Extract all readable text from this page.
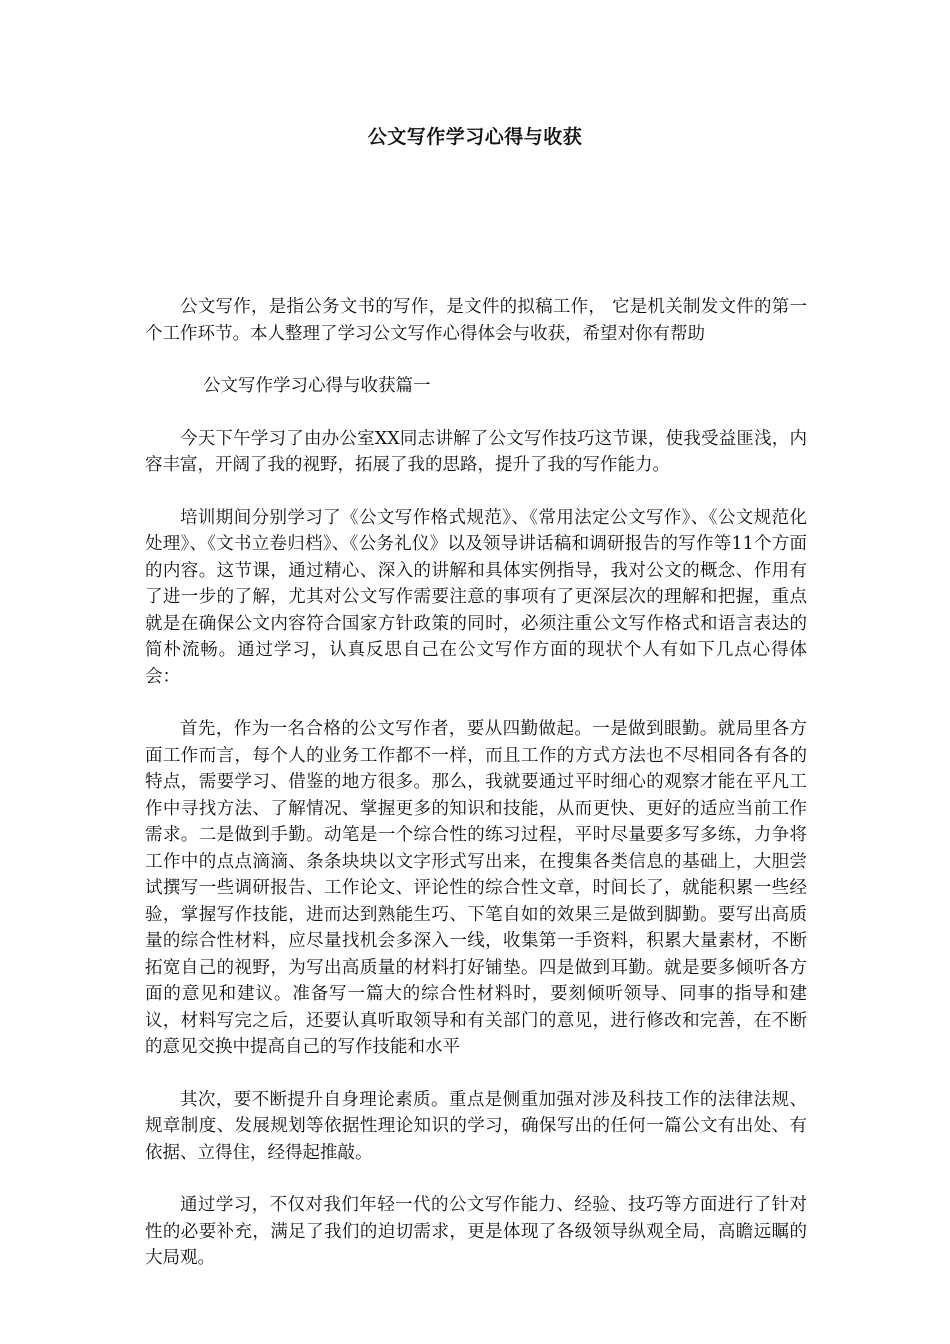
公文写作学习心得与收获

公文写作，是指公务文书的写作，是文件的拟稿工作， 它是机关制发文件的第一个工作环节。本人整理了学习公文写作心得体会与收获，希望对你有帮助

公文写作学习心得与收获篇一

今天下午学习了由办公室XX同志讲解了公文写作技巧这节课，使我受益匪浅，内容丰富，开阔了我的视野，拓展了我的思路，提升了我的写作能力。

培训期间分别学习了《公文写作格式规范》、《常用法定公文写作》、《公文规范化处理》、《文书立卷归档》、《公务礼仪》以及领导讲话稿和调研报告的写作等11个方面的内容。这节课，通过精心、深入的讲解和具体实例指导，我对公文的概念、作用有了进一步的了解，尤其对公文写作需要注意的事项有了更深层次的理解和把握，重点就是在确保公文内容符合国家方针政策的同时，必须注重公文写作格式和语言表达的简朴流畅。通过学习，认真反思自己在公文写作方面的现状个人有如下几点心得体会：

首先，作为一名合格的公文写作者，要从四勤做起。一是做到眼勤。就局里各方面工作而言，每个人的业务工作都不一样，而且工作的方式方法也不尽相同各有各的特点，需要学习、借鉴的地方很多。那么，我就要通过平时细心的观察才能在平凡工作中寻找方法、了解情况、掌握更多的知识和技能，从而更快、更好的适应当前工作需求。二是做到手勤。动笔是一个综合性的练习过程，平时尽量要多写多练，力争将工作中的点点滴滴、条条块块以文字形式写出来，在搜集各类信息的基础上，大胆尝试撰写一些调研报告、工作论文、评论性的综合性文章，时间长了，就能积累一些经验，掌握写作技能，进而达到熟能生巧、下笔自如的效果三是做到脚勤。要写出高质量的综合性材料，应尽量找机会多深入一线，收集第一手资料，积累大量素材，不断拓宽自己的视野，为写出高质量的材料打好铺垫。四是做到耳勤。就是要多倾听各方面的意见和建议。准备写一篇大的综合性材料时，要刻倾听领导、同事的指导和建议，材料写完之后，还要认真听取领导和有关部门的意见，进行修改和完善，在不断的意见交换中提高自己的写作技能和水平

其次，要不断提升自身理论素质。重点是侧重加强对涉及科技工作的法律法规、规章制度、发展规划等依据性理论知识的学习，确保写出的任何一篇公文有出处、有依据、立得住，经得起推敲。

通过学习，不仅对我们年轻一代的公文写作能力、经验、技巧等方面进行了针对性的必要补充，满足了我们的迫切需求，更是体现了各级领导纵观全局，高瞻远瞩的大局观。
